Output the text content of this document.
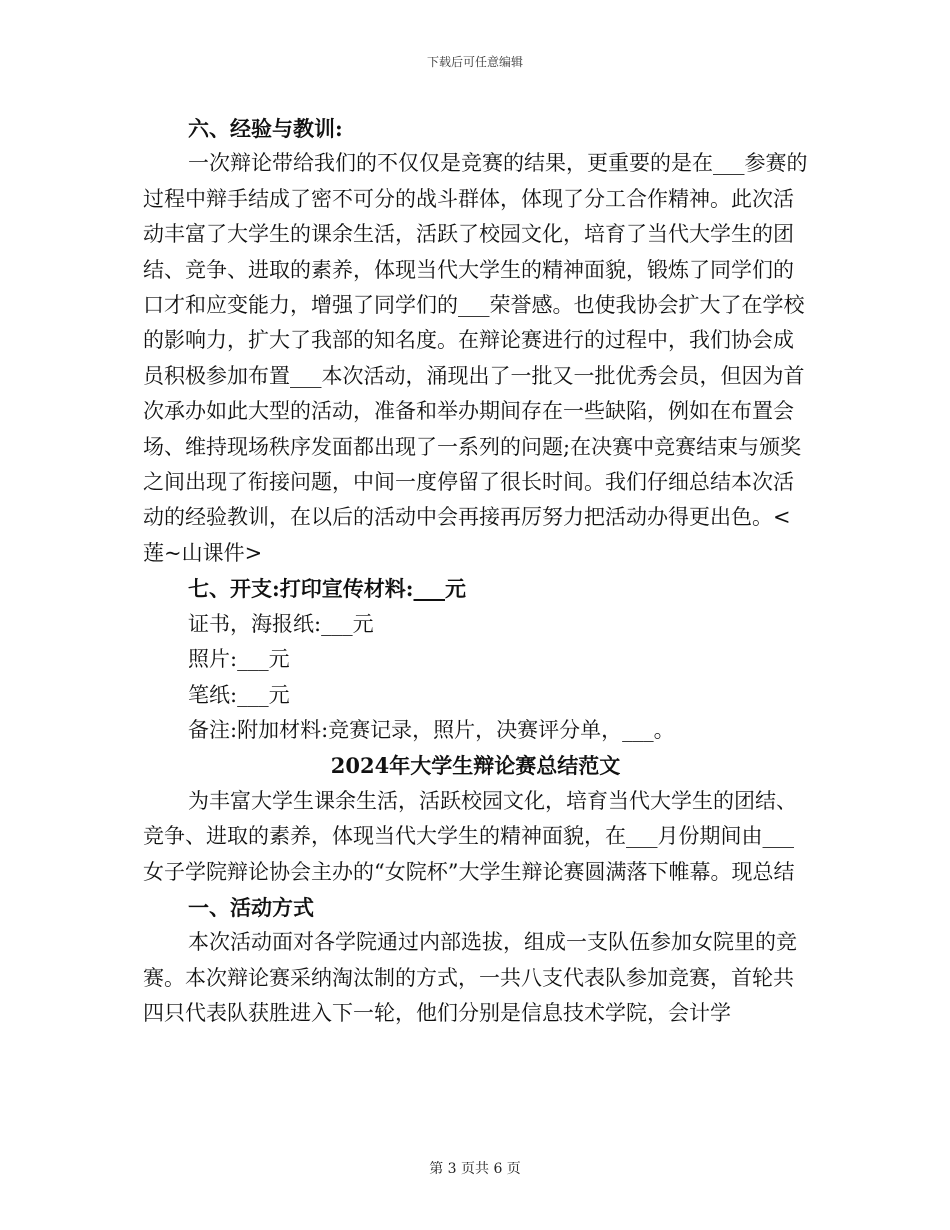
下载后可任意编辑

六、经验与教训:

一次辩论带给我们的不仅仅是竞赛的结果，更重要的是在___参赛的过程中辩手结成了密不可分的战斗群体，体现了分工合作精神。此次活动丰富了大学生的课余生活，活跃了校园文化，培育了当代大学生的团结、竞争、进取的素养，体现当代大学生的精神面貌，锻炼了同学们的口才和应变能力，增强了同学们的___荣誉感。也使我协会扩大了在学校的影响力，扩大了我部的知名度。在辩论赛进行的过程中，我们协会成员积极参加布置___本次活动，涌现出了一批又一批优秀会员，但因为首次承办如此大型的活动，准备和举办期间存在一些缺陷，例如在布置会场、维持现场秩序发面都出现了一系列的问题;在决赛中竞赛结束与颁奖之间出现了衔接问题，中间一度停留了很长时间。我们仔细总结本次活动的经验教训，在以后的活动中会再接再厉努力把活动办得更出色。<莲~山课件>

七、开支:打印宣传材料:___元

证书，海报纸:___元

照片:___元

笔纸:___元

备注:附加材料:竞赛记录，照片，决赛评分单，___。

2024年大学生辩论赛总结范文

为丰富大学生课余生活，活跃校园文化，培育当代大学生的团结、竞争、进取的素养，体现当代大学生的精神面貌，在___月份期间由___女子学院辩论协会主办的“女院杯”大学生辩论赛圆满落下帷幕。现总结

一、活动方式

本次活动面对各学院通过内部选拔，组成一支队伍参加女院里的竞赛。本次辩论赛采纳淘汰制的方式，一共八支代表队参加竞赛，首轮共四只代表队获胜进入下一轮，他们分别是信息技术学院，会计学

第 3 页共 6 页
